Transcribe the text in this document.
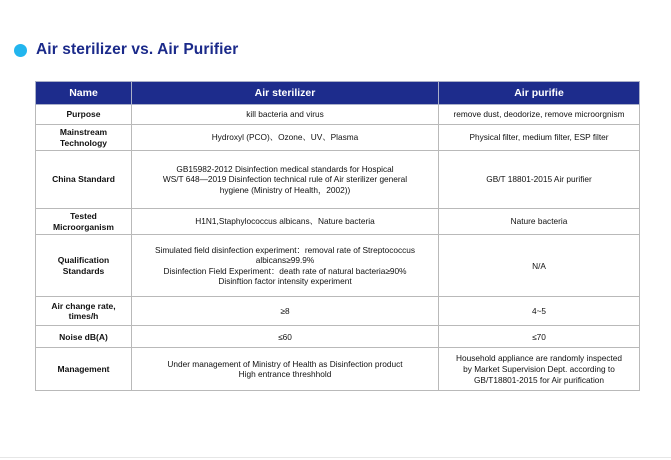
Air sterilizer vs. Air Purifier
Name	Air sterilizer	Air purifie

Purpose	kill bacteria and virus	remove dust, deodorize, remove microorgnism

Mainstream
Technology	Hydroxyl (PCO)、Ozone、UV、Plasma	Physical filter, medium filter, ESP filter

China Standard	GB15982-2012 Disinfection medical standards for Hospical
WS/T 648—2019 Disinfection technical rule of Air sterilizer general
hygiene (Ministry of Health，2002))	GB/T 18801-2015 Air purifier

Tested
Microorganism	H1N1,Staphylococcus albicans、Nature bacteria	Nature bacteria

Qualification
Standards	Simulated field disinfection experiment：removal rate of Streptococcus
albicans≥99.9%
Disinfection Field Experiment：death rate of natural bacteria≥90%
Disinftion factor intensity experiment	N/A

Air change rate,
times/h	≥8	4~5

Noise dB(A)	≤60	≤70

Management	Under management of Ministry of Health as Disinfection product
High entrance threshhold	Household appliance are randomly inspected
by Market Supervision Dept. according to
GB/T18801-2015 for Air purification
